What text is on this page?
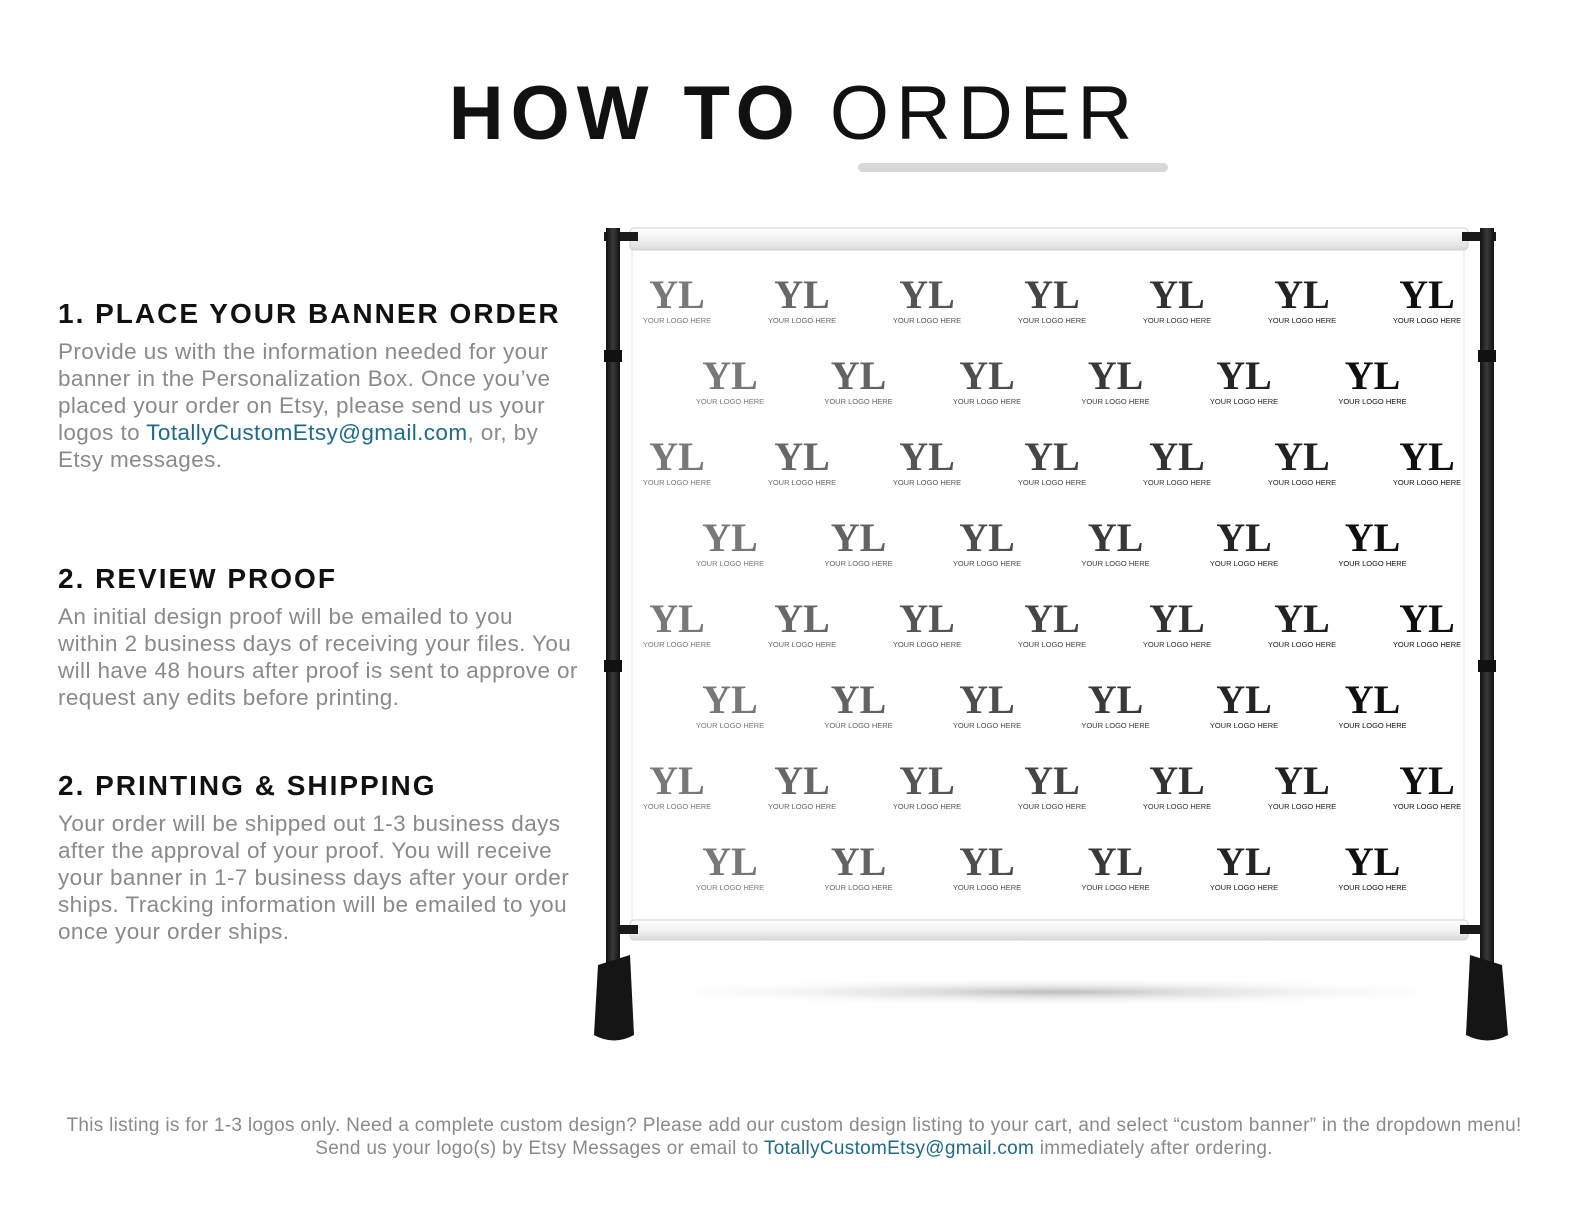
HOW TO ORDER
1. PLACE YOUR BANNER ORDER

Provide us with the information needed for your banner in the Personalization Box. Once you’ve placed your order on Etsy, please send us your logos to TotallyCustomEtsy@gmail.com, or, by Etsy messages.

2. REVIEW PROOF

An initial design proof will be emailed to you within 2 business days of receiving your files. You will have 48 hours after proof is sent to approve or request any edits before printing.

2. PRINTING & SHIPPING

Your order will be shipped out 1-3 business days after the approval of your proof. You will receive your banner in 1-7 business days after your order ships. Tracking information will be emailed to you once your order ships.

YL
YOUR LOGO HERE
YL
YOUR LOGO HERE
YL
YOUR LOGO HERE
YL
YOUR LOGO HERE
YL
YOUR LOGO HERE
YL
YOUR LOGO HERE
YL
YOUR LOGO HERE
YL
YOUR LOGO HERE
YL
YOUR LOGO HERE
YL
YOUR LOGO HERE
YL
YOUR LOGO HERE
YL
YOUR LOGO HERE
YL
YOUR LOGO HERE
YL
YOUR LOGO HERE
YL
YOUR LOGO HERE
YL
YOUR LOGO HERE
YL
YOUR LOGO HERE
YL
YOUR LOGO HERE
YL
YOUR LOGO HERE
YL
YOUR LOGO HERE
YL
YOUR LOGO HERE
YL
YOUR LOGO HERE
YL
YOUR LOGO HERE
YL
YOUR LOGO HERE
YL
YOUR LOGO HERE
YL
YOUR LOGO HERE
YL
YOUR LOGO HERE
YL
YOUR LOGO HERE
YL
YOUR LOGO HERE
YL
YOUR LOGO HERE
YL
YOUR LOGO HERE
YL
YOUR LOGO HERE
YL
YOUR LOGO HERE
YL
YOUR LOGO HERE
YL
YOUR LOGO HERE
YL
YOUR LOGO HERE
YL
YOUR LOGO HERE
YL
YOUR LOGO HERE
YL
YOUR LOGO HERE
YL
YOUR LOGO HERE
YL
YOUR LOGO HERE
YL
YOUR LOGO HERE
YL
YOUR LOGO HERE
YL
YOUR LOGO HERE
YL
YOUR LOGO HERE
YL
YOUR LOGO HERE
YL
YOUR LOGO HERE
YL
YOUR LOGO HERE
YL
YOUR LOGO HERE
YL
YOUR LOGO HERE
YL
YOUR LOGO HERE
YL
YOUR LOGO HERE
This listing is for 1-3 logos only. Need a complete custom design? Please add our custom design listing to your cart, and select “custom banner” in the dropdown menu! Send us your logo(s) by Etsy Messages or email to TotallyCustomEtsy@gmail.com immediately after ordering.
